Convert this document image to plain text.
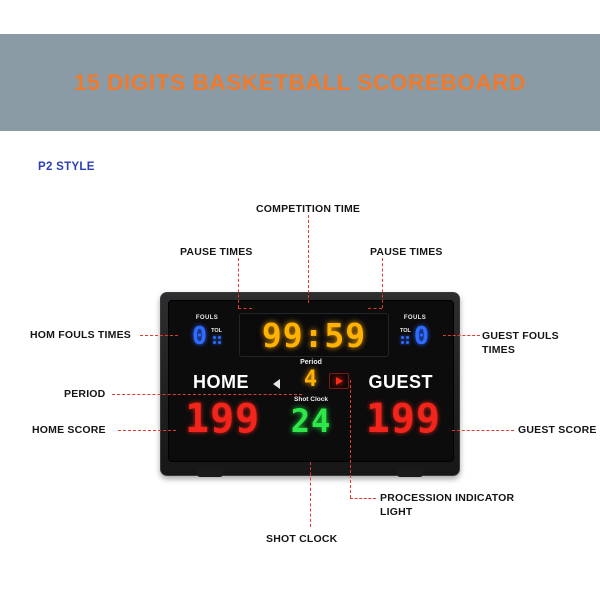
15 DIGITS BASKETBALL SCOREBOARD
P2 STYLE
FOULS
0 TOL
FOULS
TOL 0
99:59
Period
HOME	4	GUEST
199	199
Shot Clock
24
COMPETITION TIME
PAUSE TIMES	PAUSE TIMES
HOM FOULS TIMES	GUEST FOULS TIMES
PERIOD
HOME SCORE	GUEST SCORE
SHOT CLOCK
PROCESSION INDICATOR LIGHT
